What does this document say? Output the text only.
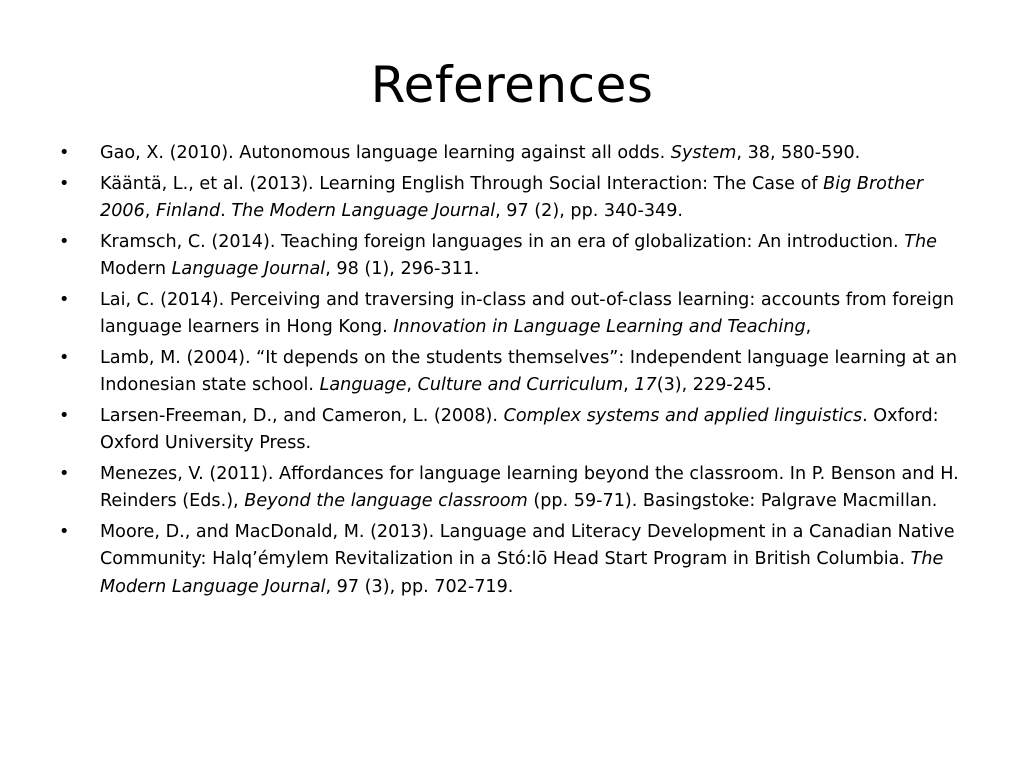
References
•	Gao, X. (2010). Autonomous language learning against all odds. System, 38, 580-590.
•	Kääntä, L., et al. (2013). Learning English Through Social Interaction: The Case of Big Brother 2006, Finland. The Modern Language Journal, 97 (2), pp. 340-349.
•	Kramsch, C. (2014). Teaching foreign languages in an era of globalization: An introduction. The Modern Language Journal, 98 (1), 296-311.
•	Lai, C. (2014). Perceiving and traversing in-class and out-of-class learning: accounts from foreign language learners in Hong Kong. Innovation in Language Learning and Teaching,
•	Lamb, M. (2004). “It depends on the students themselves”: Independent language learning at an Indonesian state school. Language, Culture and Curriculum, 17(3), 229-245.
•	Larsen-Freeman, D., and Cameron, L. (2008). Complex systems and applied linguistics. Oxford: Oxford University Press.
•	Menezes, V. (2011). Affordances for language learning beyond the classroom. In P. Benson and H. Reinders (Eds.), Beyond the language classroom (pp. 59-71). Basingstoke: Palgrave Macmillan.
•	Moore, D., and MacDonald, M. (2013). Language and Literacy Development in a Canadian Native Community: Halq’émylem Revitalization in a Stó:lō Head Start Program in British Columbia. The Modern Language Journal, 97 (3), pp. 702-719.
